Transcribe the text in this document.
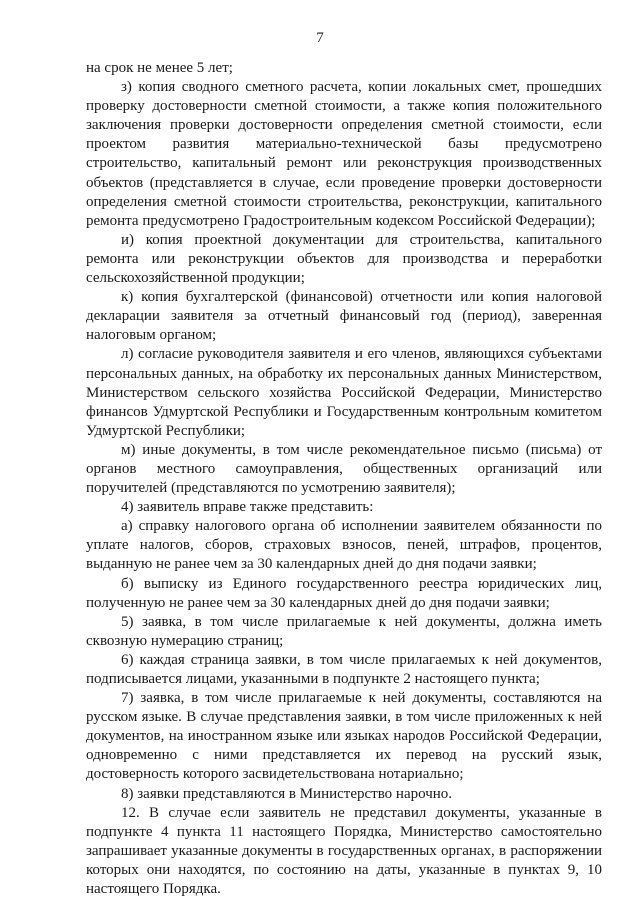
7

на срок не менее 5 лет;

з) копия сводного сметного расчета, копии локальных смет, прошедших проверку достоверности сметной стоимости, а также копия положительного заключения проверки достоверности определения сметной стоимости, если проектом развития материально-технической базы предусмотрено строительство, капитальный ремонт или реконструкция производственных объектов (представляется в случае, если проведение проверки достоверности определения сметной стоимости строительства, реконструкции, капитального ремонта предусмотрено Градостроительным кодексом Российской Федерации);

и) копия проектной документации для строительства, капитального ремонта или реконструкции объектов для производства и переработки сельскохозяйственной продукции;

к) копия бухгалтерской (финансовой) отчетности или копия налоговой декларации заявителя за отчетный финансовый год (период), заверенная налоговым органом;

л) согласие руководителя заявителя и его членов, являющихся субъектами персональных данных, на обработку их персональных данных Министерством, Министерством сельского хозяйства Российской Федерации, Министерство финансов Удмуртской Республики и Государственным контрольным комитетом Удмуртской Республики;

м) иные документы, в том числе рекомендательное письмо (письма) от органов местного самоуправления, общественных организаций или поручителей (представляются по усмотрению заявителя);

4) заявитель вправе также представить:

а) справку налогового органа об исполнении заявителем обязанности по уплате налогов, сборов, страховых взносов, пеней, штрафов, процентов, выданную не ранее чем за 30 календарных дней до дня подачи заявки;

б) выписку из Единого государственного реестра юридических лиц, полученную не ранее чем за 30 календарных дней до дня подачи заявки;

5) заявка, в том числе прилагаемые к ней документы, должна иметь сквозную нумерацию страниц;

6) каждая страница заявки, в том числе прилагаемых к ней документов, подписывается лицами, указанными в подпункте 2 настоящего пункта;

7) заявка, в том числе прилагаемые к ней документы, составляются на русском языке. В случае представления заявки, в том числе приложенных к ней документов, на иностранном языке или языках народов Российской Федерации, одновременно с ними представляется их перевод на русский язык, достоверность которого засвидетельствована нотариально;

8) заявки представляются в Министерство нарочно.

12. В случае если заявитель не представил документы, указанные в подпункте 4 пункта 11 настоящего Порядка, Министерство самостоятельно запрашивает указанные документы в государственных органах, в распоряжении которых они находятся, по состоянию на даты, указанные в пунктах 9, 10 настоящего Порядка.
